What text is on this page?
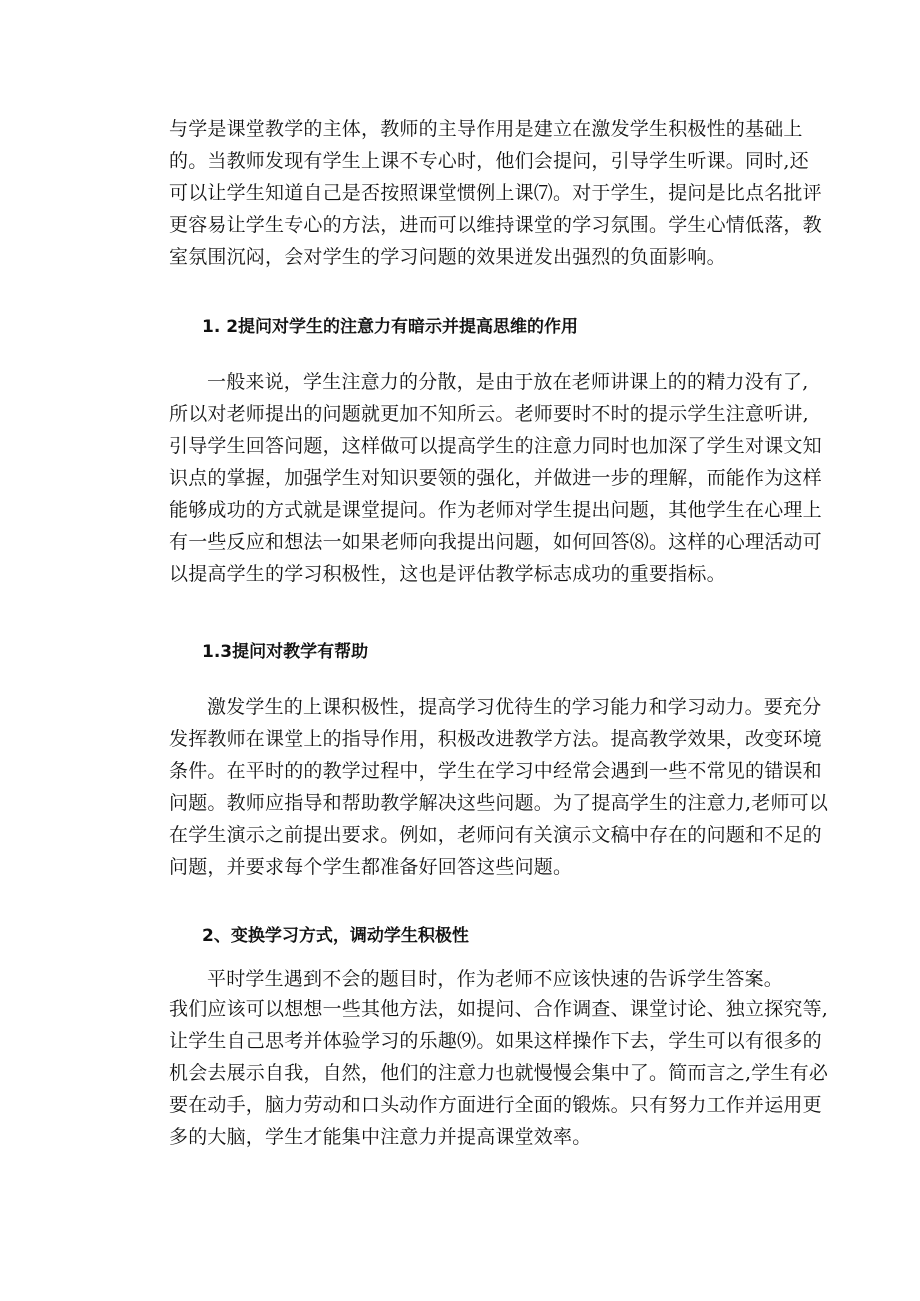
与学是课堂教学的主体，教师的主导作用是建立在激发学生积极性的基础上
的。当教师发现有学生上课不专心时，他们会提问，引导学生听课。同时,还
可以让学生知道自己是否按照课堂惯例上课⑺。对于学生，提问是比点名批评
更容易让学生专心的方法，进而可以维持课堂的学习氛围。学生心情低落，教
室氛围沉闷，会对学生的学习问题的效果迸发出强烈的负面影响。
1. 2提问对学生的注意力有暗示并提高思维的作用
一般来说，学生注意力的分散，是由于放在老师讲课上的的精力没有了,
所以对老师提出的问题就更加不知所云。老师要时不时的提示学生注意听讲,
引导学生回答问题，这样做可以提高学生的注意力同时也加深了学生对课文知
识点的掌握，加强学生对知识要领的强化，并做进一步的理解，而能作为这样
能够成功的方式就是课堂提问。作为老师对学生提出问题，其他学生在心理上
有一些反应和想法一如果老师向我提出问题，如何回答⑻。这样的心理活动可
以提高学生的学习积极性，这也是评估教学标志成功的重要指标。
1.3提问对教学有帮助
激发学生的上课积极性，提高学习优待生的学习能力和学习动力。要充分
发挥教师在课堂上的指导作用，积极改进教学方法。提高教学效果，改变环境
条件。在平时的的教学过程中，学生在学习中经常会遇到一些不常见的错误和
问题。教师应指导和帮助教学解决这些问题。为了提高学生的注意力,老师可以
在学生演示之前提出要求。例如，老师问有关演示文稿中存在的问题和不足的
问题，并要求每个学生都准备好回答这些问题。
2、变换学习方式，调动学生积极性
平时学生遇到不会的题目时，作为老师不应该快速的告诉学生答案。
我们应该可以想想一些其他方法，如提问、合作调查、课堂讨论、独立探究等,
让学生自己思考并体验学习的乐趣⑼。如果这样操作下去，学生可以有很多的
机会去展示自我，自然，他们的注意力也就慢慢会集中了。简而言之,学生有必
要在动手，脑力劳动和口头动作方面进行全面的锻炼。只有努力工作并运用更
多的大脑，学生才能集中注意力并提高课堂效率。
